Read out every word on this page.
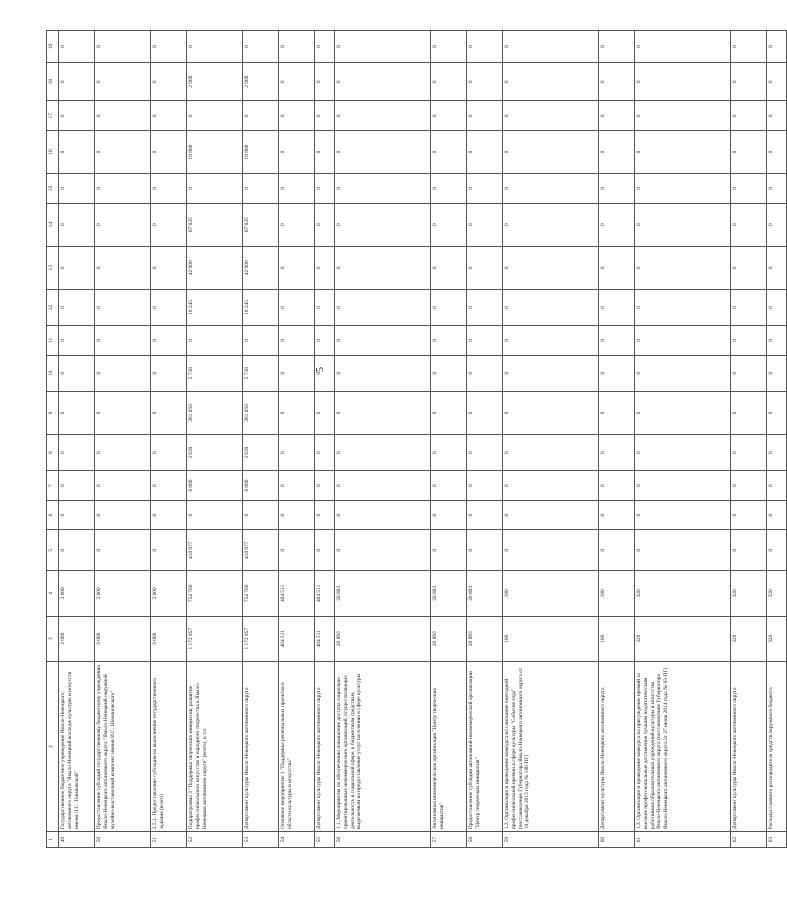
5
1	2	3	4	5	6	7	8	9	10	11	12	13	14	15	16	17	18	19
49	Государственное бюджетное учреждение Ямало-Ненецкого автономного округа "Ямало-Ненецкий колледж культуры и искусств имени Л.С. Тоньковской"	3 000	3 000	0	0	0	0	0	0	0	0	0	0	0	0	0	0	0
50	Предоставление субсидий государственному бюджетному учреждению Ямало-Ненецкого автономного округа "Ямало-Ненецкий окружной музейно-выставочный комплекс имени И.С. Шемановского"	3 000	3 000	0	0	0	0	0	0	0	0	0	0	0	0	0	0	0
51	2.5.1. Предоставление субсидии на выполнение государственного задания (всего)	3 000	3 000	0	0	0	0	0	0	0	0	0	0	0	0	0	0	0
52	Подпрограмма 3 "Поддержка творческих инициатив, развитие профессионального искусства и народного творчества в Ямало-Ненецком автономном округе" (всего), в т.ч.	1 172 857	754 760	418 077	0	8 660	3 639	361 050	5 738	0	10 245	42 900	67 025	0	19 800	0	2 000	0
53	Департамент культуры Ямало-Ненецкого автономного округа	1 172 857	754 760	418 077	0	8 660	3 639	361 050	5 738	0	10 245	42 900	67 025	0	19 800	0	2 000	0
54	Основное мероприятие 1 "Поддержка региональных проектов в области культуры и искусства"	404 511	404 511	0	0	0	0	0	0	0	0	0	0	0	0	0	0	0
55	Департамент культуры Ямало-Ненецкого автономного округа	404 511	404 511	0	0	0	0	0	0	0	0	0	0	0	0	0	0	0
56	1.1. Мероприятия по обеспечению повышения доступа социально ориентированных некоммерческих организаций, осуществляющих деятельность в социальной сфере, к бюджетным средствам, выделяемым на предоставление услуг населению в сфере культуры	20 893	20 893	0	0	0	0	0	0	0	0	0	0	0	0	0	0	0
57	Автономная некоммерческая организация "Центр творческих инициатив"	20 893	20 893	0	0	0	0	0	0	0	0	0	0	0	0	0	0	0
58	Предоставление субсидии автономной некоммерческой организации "Центр творческих инициатив"	20 893	20 893	0	0	0	0	0	0	0	0	0	0	0	0	0	0	0
59	1.2. Организация и проведение конкурса на соискание ежегодной профессиональной премии в сфере культуры "Событие года" (постановление Губернатора Ямало-Ненецкого автономного округа от 10 декабря 2013 года № 186-ПГ)	100	100	0	0	0	0	0	0	0	0	0	0	0	0	0	0	0
60	Департамент культуры Ямало-Ненецкого автономного округа	100	100	0	0	0	0	0	0	0	0	0	0	0	0	0	0	0
61	1.3. Организация и проведение конкурса на присуждение премий за высокие профессиональные достижения лучшим педагогическим работникам образовательных учреждений культуры и искусства Ямало-Ненецкого автономного округа (постановление Губернатора Ямало-Ненецкого автономного округа от 27 июня 2014 года № 93-ПГ)	320	320	0	0	0	0	0	0	0	0	0	0	0	0	0	0	0
62	Департамент культуры Ямало-Ненецкого автономного округа	320	320	0	0	0	0	0	0	0	0	0	0	0	0	0	0	0
63	Расходы главного распорядителя средств окружного бюджета	320	320	0	0	0	0	0	0	0	0	0	0	0	0	0	0	0
